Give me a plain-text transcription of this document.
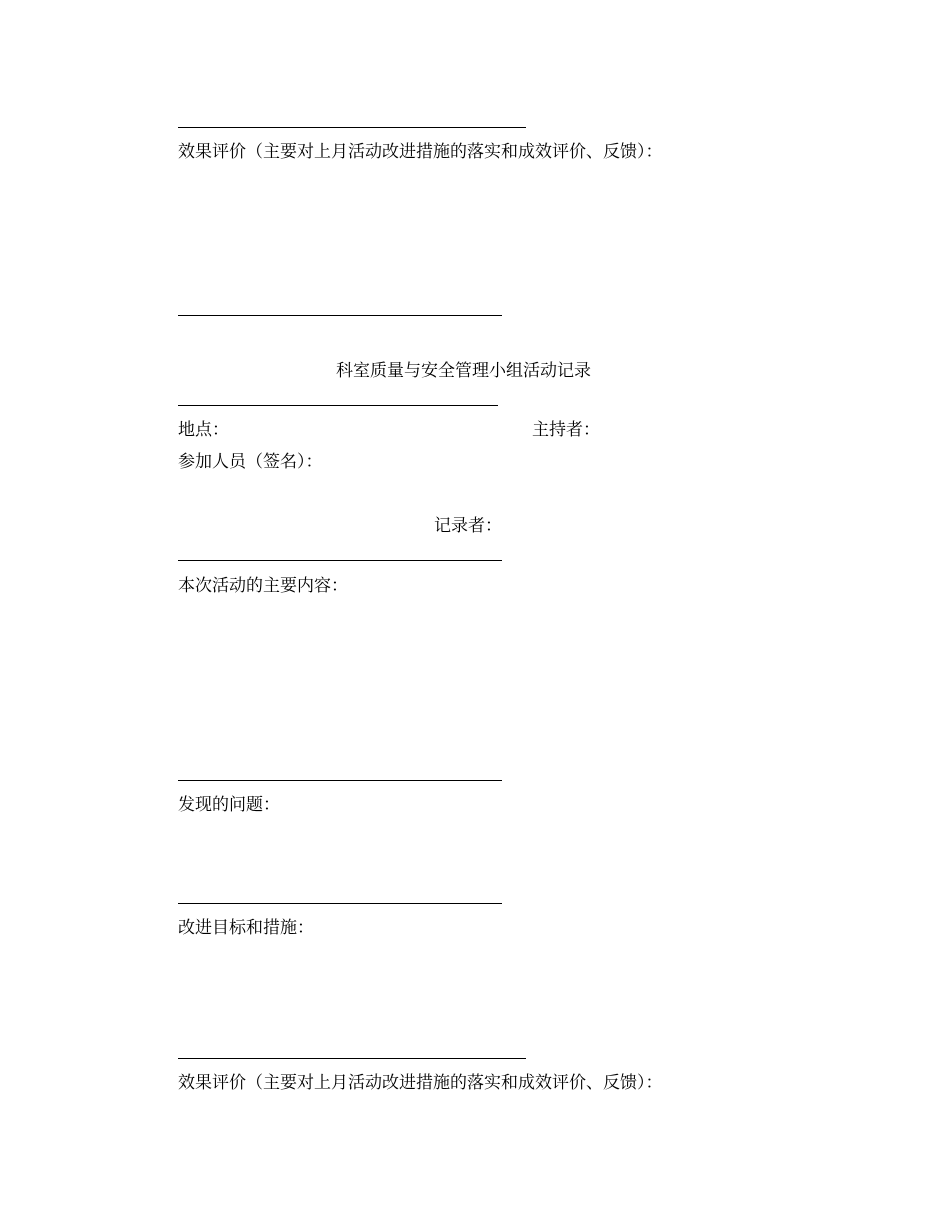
效果评价（主要对上月活动改进措施的落实和成效评价、反馈）：
科室质量与安全管理小组活动记录
地点：	主持者：
参加人员（签名）：
记录者：
本次活动的主要内容：
发现的问题：
改进目标和措施：
效果评价（主要对上月活动改进措施的落实和成效评价、反馈）：
